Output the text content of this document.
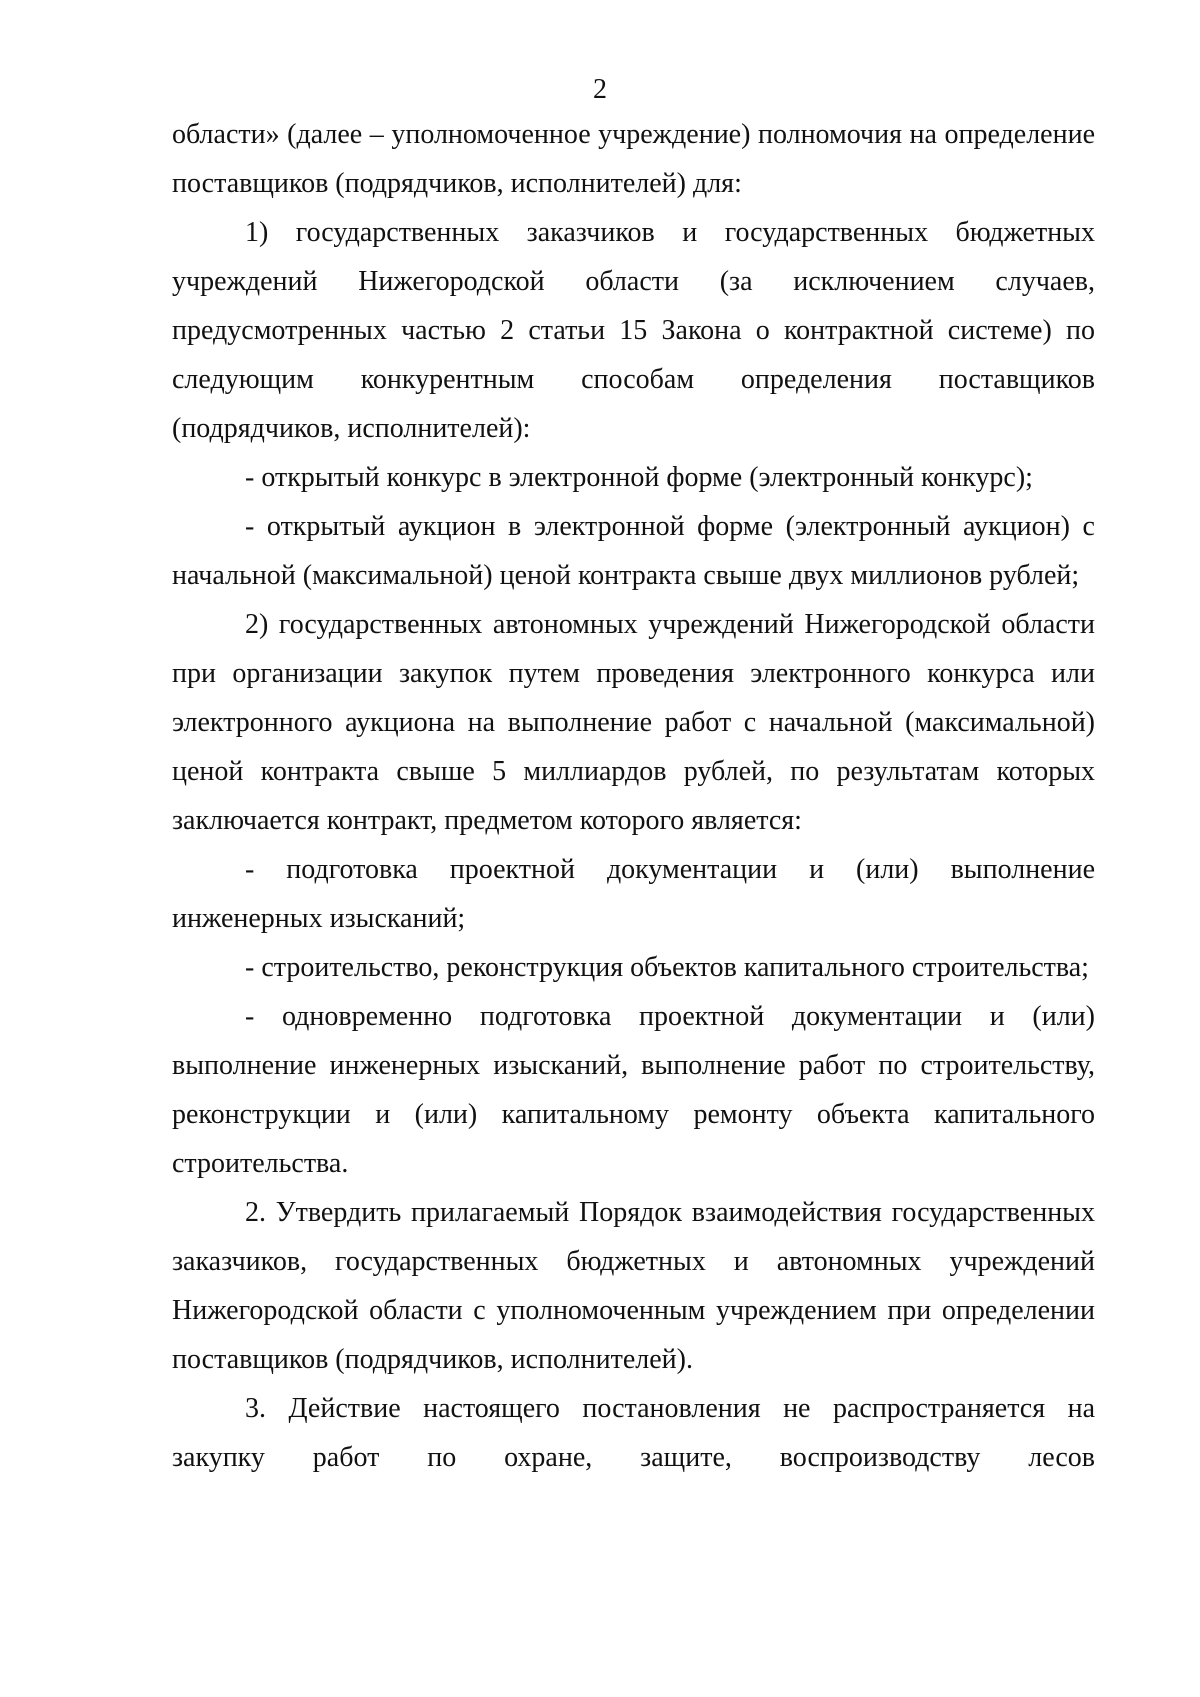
2

области» (далее – уполномоченное учреждение) полномочия на определение поставщиков (подрядчиков, исполнителей) для:

1) государственных заказчиков и государственных бюджетных учреждений Нижегородской области (за исключением случаев, предусмотренных частью 2 статьи 15 Закона о контрактной системе) по следующим конкурентным способам определения поставщиков (подрядчиков, исполнителей):

- открытый конкурс в электронной форме (электронный конкурс);

- открытый аукцион в электронной форме (электронный аукцион) с начальной (максимальной) ценой контракта свыше двух миллионов рублей;

2) государственных автономных учреждений Нижегородской области при организации закупок путем проведения электронного конкурса или электронного аукциона на выполнение работ с начальной (максимальной) ценой контракта свыше 5 миллиардов рублей, по результатам которых заключается контракт, предметом которого является:

- подготовка проектной документации и (или) выполнение инженерных изысканий;

- строительство, реконструкция объектов капитального строительства;

- одновременно подготовка проектной документации и (или) выполнение инженерных изысканий, выполнение работ по строительству, реконструкции и (или) капитальному ремонту объекта капитального строительства.

2. Утвердить прилагаемый Порядок взаимодействия государственных заказчиков, государственных бюджетных и автономных учреждений Нижегородской области с уполномоченным учреждением при определении поставщиков (подрядчиков, исполнителей).

3. Действие настоящего постановления не распространяется на закупку работ по охране, защите, воспроизводству лесов
